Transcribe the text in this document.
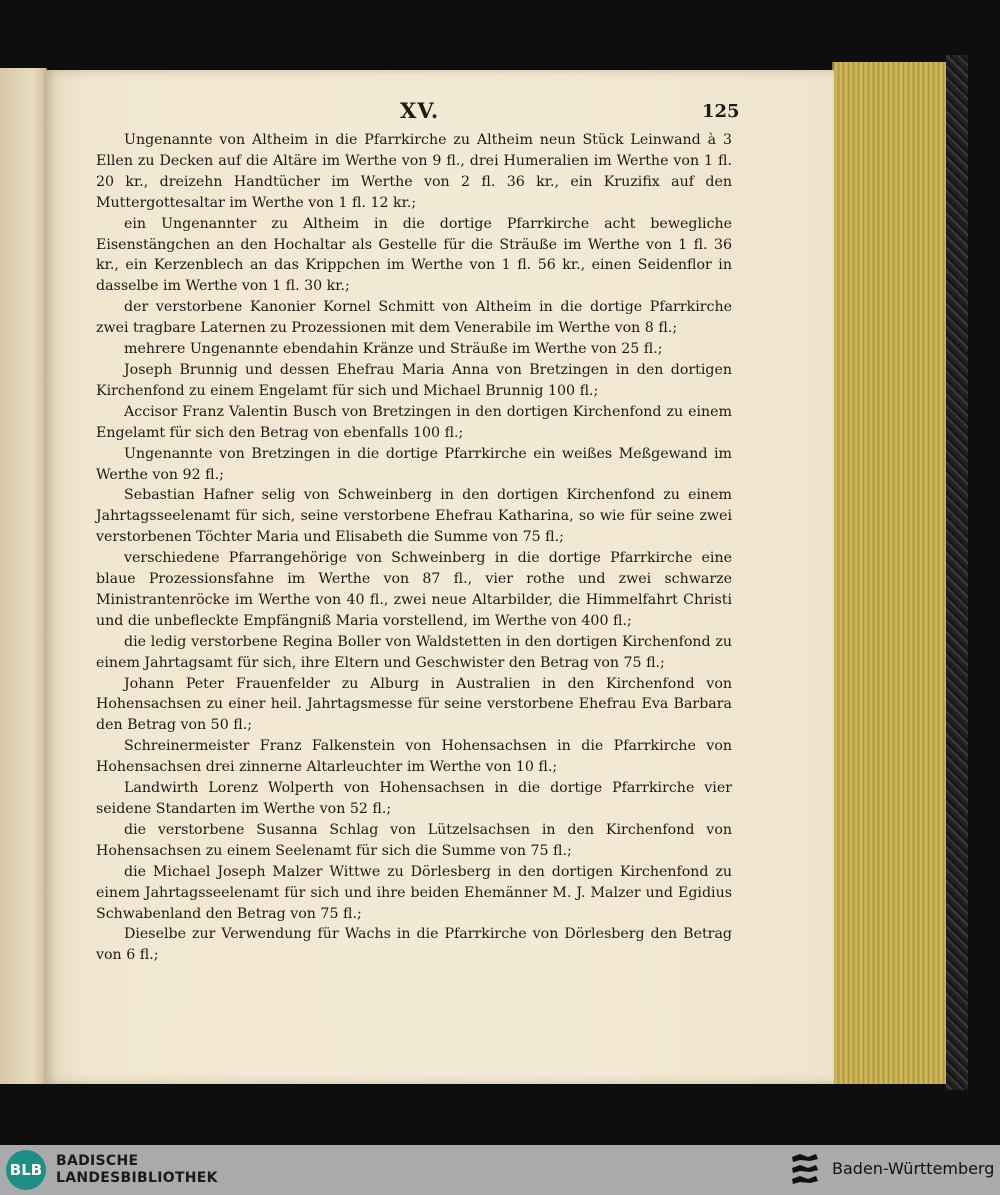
XV.	125

Ungenannte von Altheim in die Pfarrkirche zu Altheim neun Stück Leinwand à 3 Ellen zu Decken auf die Altäre im Werthe von 9 fl., drei Humeralien im Werthe von 1 fl. 20 kr., dreizehn Handtücher im Werthe von 2 fl. 36 kr., ein Kruzifix auf den Muttergottesaltar im Werthe von 1 fl. 12 kr.;

ein Ungenannter zu Altheim in die dortige Pfarrkirche acht bewegliche Eisenstängchen an den Hochaltar als Gestelle für die Sträuße im Werthe von 1 fl. 36 kr., ein Kerzenblech an das Krippchen im Werthe von 1 fl. 56 kr., einen Seidenflor in dasselbe im Werthe von 1 fl. 30 kr.;

der verstorbene Kanonier Kornel Schmitt von Altheim in die dortige Pfarrkirche zwei tragbare Laternen zu Prozessionen mit dem Venerabile im Werthe von 8 fl.;

mehrere Ungenannte ebendahin Kränze und Sträuße im Werthe von 25 fl.;

Joseph Brunnig und dessen Ehefrau Maria Anna von Bretzingen in den dortigen Kirchenfond zu einem Engelamt für sich und Michael Brunnig 100 fl.;

Accisor Franz Valentin Busch von Bretzingen in den dortigen Kirchenfond zu einem Engelamt für sich den Betrag von ebenfalls 100 fl.;

Ungenannte von Bretzingen in die dortige Pfarrkirche ein weißes Meßgewand im Werthe von 92 fl.;

Sebastian Hafner selig von Schweinberg in den dortigen Kirchenfond zu einem Jahrtagsseelenamt für sich, seine verstorbene Ehefrau Katharina, so wie für seine zwei verstorbenen Töchter Maria und Elisabeth die Summe von 75 fl.;

verschiedene Pfarrangehörige von Schweinberg in die dortige Pfarrkirche eine blaue Prozessionsfahne im Werthe von 87 fl., vier rothe und zwei schwarze Ministrantenröcke im Werthe von 40 fl., zwei neue Altarbilder, die Himmelfahrt Christi und die unbefleckte Empfängniß Maria vorstellend, im Werthe von 400 fl.;

die ledig verstorbene Regina Boller von Waldstetten in den dortigen Kirchenfond zu einem Jahrtagsamt für sich, ihre Eltern und Geschwister den Betrag von 75 fl.;

Johann Peter Frauenfelder zu Alburg in Australien in den Kirchenfond von Hohensachsen zu einer heil. Jahrtagsmesse für seine verstorbene Ehefrau Eva Barbara den Betrag von 50 fl.;

Schreinermeister Franz Falkenstein von Hohensachsen in die Pfarrkirche von Hohensachsen drei zinnerne Altarleuchter im Werthe von 10 fl.;

Landwirth Lorenz Wolperth von Hohensachsen in die dortige Pfarrkirche vier seidene Standarten im Werthe von 52 fl.;

die verstorbene Susanna Schlag von Lützelsachsen in den Kirchenfond von Hohensachsen zu einem Seelenamt für sich die Summe von 75 fl.;

die Michael Joseph Malzer Wittwe zu Dörlesberg in den dortigen Kirchenfond zu einem Jahrtagsseelenamt für sich und ihre beiden Ehemänner M. J. Malzer und Egidius Schwabenland den Betrag von 75 fl.;

Dieselbe zur Verwendung für Wachs in die Pfarrkirche von Dörlesberg den Betrag von 6 fl.;

BLB BADISCHE
LANDESBIBLIOTHEK	Baden-Württemberg
